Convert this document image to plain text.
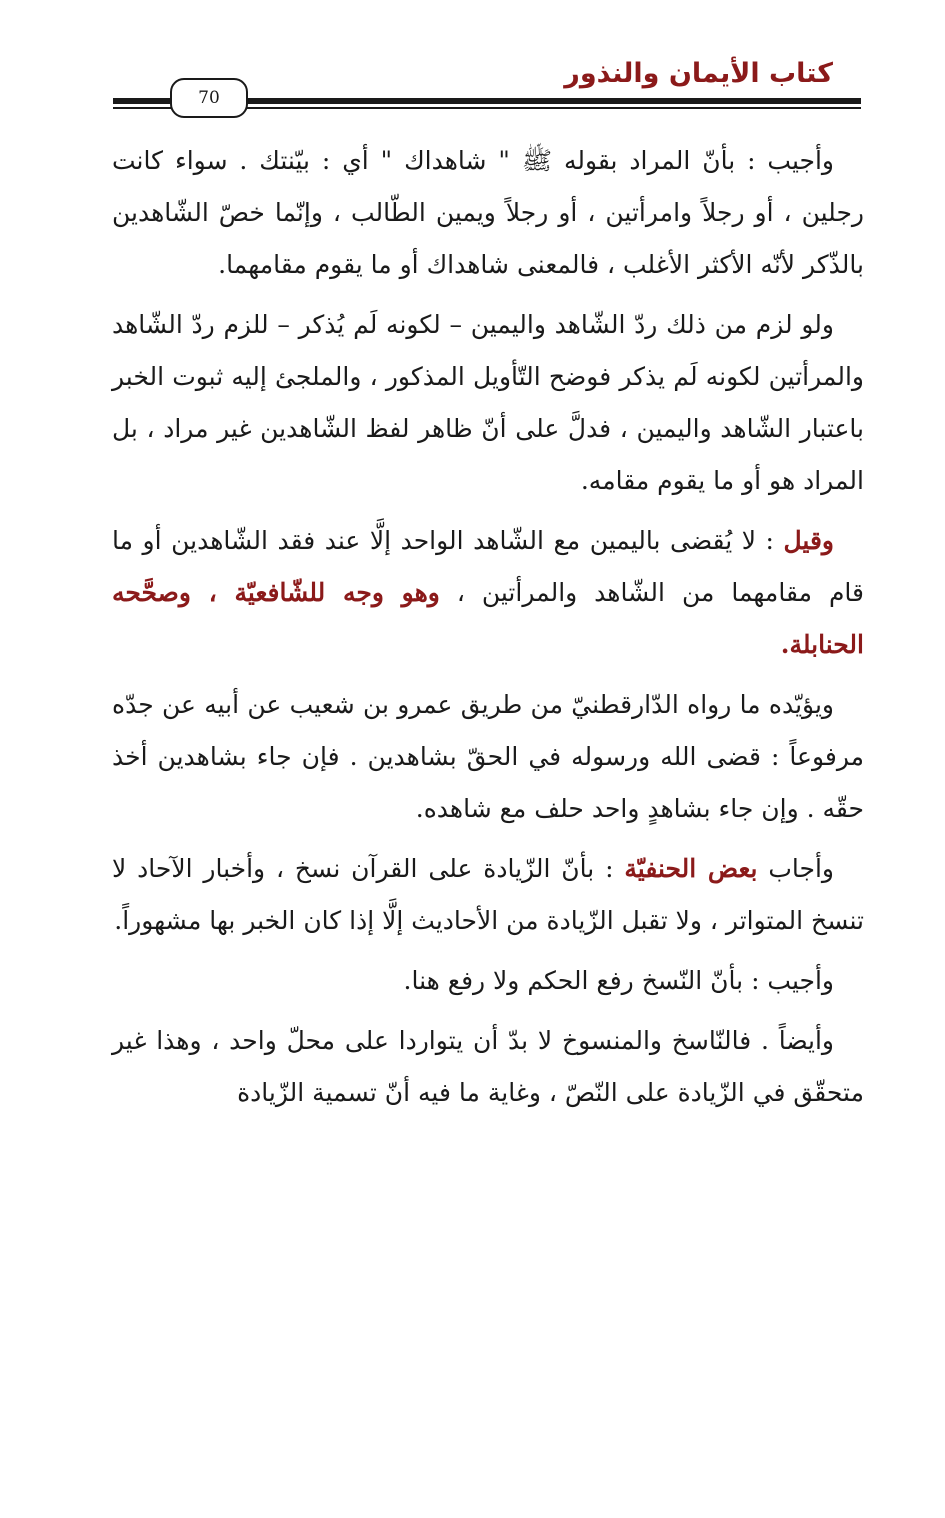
كتاب الأيمان والنذور
70

وأجيب : بأنّ المراد بقوله ﷺ " شاهداك " أي : بيّنتك . سواء كانت رجلين ، أو رجلاً وامرأتين ، أو رجلاً ويمين الطّالب ، وإنّما خصّ الشّاهدين بالذّكر لأنّه الأكثر الأغلب ، فالمعنى شاهداك أو ما يقوم مقامهما.

ولو لزم من ذلك ردّ الشّاهد واليمين – لكونه لَم يُذكر – للزم ردّ الشّاهد والمرأتين لكونه لَم يذكر فوضح التّأويل المذكور ، والملجئ إليه ثبوت الخبر باعتبار الشّاهد واليمين ، فدلَّ على أنّ ظاهر لفظ الشّاهدين غير مراد ، بل المراد هو أو ما يقوم مقامه.

وقيل : لا يُقضى باليمين مع الشّاهد الواحد إلَّا عند فقد الشّاهدين أو ما قام مقامهما من الشّاهد والمرأتين ، وهو وجه للشّافعيّة ، وصحَّحه الحنابلة.

ويؤيّده ما رواه الدّارقطنيّ من طريق عمرو بن شعيب عن أبيه عن جدّه مرفوعاً : قضى الله ورسوله في الحقّ بشاهدين . فإن جاء بشاهدين أخذ حقّه . وإن جاء بشاهدٍ واحد حلف مع شاهده.

وأجاب بعض الحنفيّة : بأنّ الزّيادة على القرآن نسخ ، وأخبار الآحاد لا تنسخ المتواتر ، ولا تقبل الزّيادة من الأحاديث إلَّا إذا كان الخبر بها مشهوراً.

وأجيب : بأنّ النّسخ رفع الحكم ولا رفع هنا.

وأيضاً . فالنّاسخ والمنسوخ لا بدّ أن يتواردا على محلّ واحد ، وهذا غير متحقّق في الزّيادة على النّصّ ، وغاية ما فيه أنّ تسمية الزّيادة
